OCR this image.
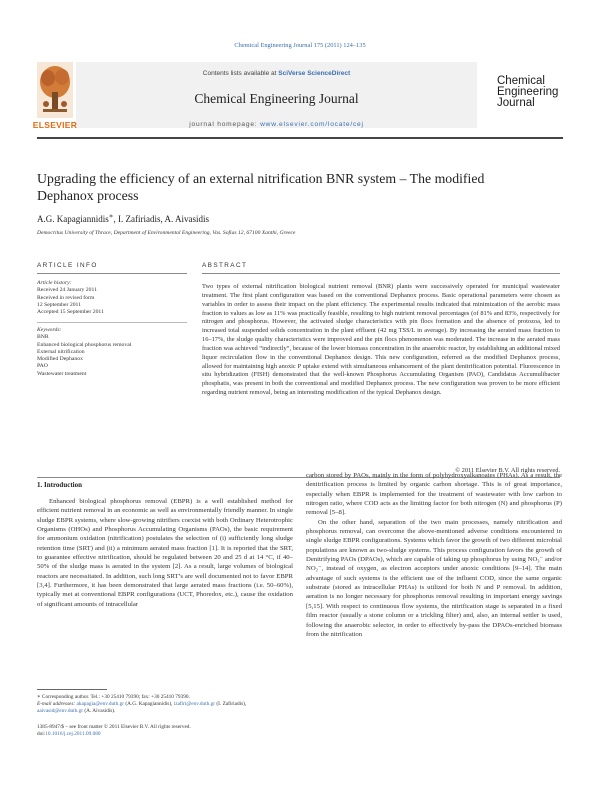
Chemical Engineering Journal 175 (2011) 124–135
Contents lists available at SciVerse ScienceDirect
Chemical Engineering Journal
journal homepage: www.elsevier.com/locate/cej
ELSEVIER
Chemical
Engineering
Journal
Upgrading the efficiency of an external nitrification BNR system – The modified
Dephanox process
A.G. Kapagiannidis∗, I. Zafiriadis, A. Aivasidis
Democritus University of Thrace, Department of Environmental Engineering, Vas. Sofias 12, 67100 Xanthi, Greece
ARTICLE INFO	ABSTRACT
Article history:
Received 24 January 2011
Received in revised form
12 September 2011
Accepted 15 September 2011
Keywords:
BNR
Enhanced biological phosphorus removal
External nitrification
Modified Dephanox
PAO
Wastewater treatment
Two types of external nitrification biological nutrient removal (BNR) plants were successively operated for municipal wastewater treatment. The first plant configuration was based on the conventional Dephanox process. Basic operational parameters were chosen as variables in order to assess their impact on the plant efficiency. The experimental results indicated that minimization of the aerobic mass fraction to values as low as 11% was practically feasible, resulting to high nutrient removal percentages (of 81% and 83%, respectively for nitrogen and phosphorus. However, the activated sludge characteristics with pin flocs formation and the absence of protozoa, led to increased total suspended solids concentration in the plant effluent (42 mg TSS/L in average). By increasing the aerated mass fraction to 16–17%, the sludge quality characteristics were improved and the pin flocs phenomenon was moderated. The increase in the aerated mass fraction was achieved “indirectly”, because of the lower biomass concentration in the anaerobic reactor, by establishing an additional mixed liquor recirculation flow in the conventional Dephanox design. This new configuration, referred as the modified Dephanox process, allowed for maintaining high anoxic P uptake extend with simultaneous enhancement of the plant denitrification potential. Fluorescence in situ hybridization (FISH) demonstrated that the well-known Phosphorus Accumulating Organism (PAO), Candidatus Accumulibacter phosphatis, was present in both the conventional and modified Dephanox process. The new configuration was proven to be more efficient regarding nutrient removal, being an interesting modification of the typical Dephanox design.
© 2011 Elsevier B.V. All rights reserved.
1. Introduction

Enhanced biological phosphorus removal (EBPR) is a well established method for efficient nutrient removal in an economic as well as environmentally friendly manner. In single sludge EBPR systems, where slow-growing nitrifiers coexist with both Ordinary Heterotrophic Organisms (OHOs) and Phosphorus Accumulating Organisms (PAOs), the basic requirement for ammonium oxidation (nitrification) postulates the selection of (i) sufficiently long sludge retention time (SRT) and (ii) a minimum aerated mass fraction [1]. It is reported that the SRT, to guarantee effective nitrification, should be regulated between 20 and 25 d at 14 °C, if 40–50% of the sludge mass is aerated in the system [2]. As a result, large volumes of biological reactors are necessitated. In addition, such long SRT’s are well documented not to favor EBPR [3,4]. Furthermore, it has been demonstrated that large aerated mass fractions (i.e. 50–60%), typically met at conventional EBPR configurations (UCT, Phoredox, etc.), cause the oxidation of significant amounts of intracellular

carbon stored by PAOs, mainly in the form of polyhydroxyalkanoates (PHAs). As a result, the denitrification process is limited by organic carbon shortage. This is of great importance, especially when EBPR is implemented for the treatment of wastewater with low carbon to nitrogen ratio, where COD acts as the limiting factor for both nitrogen (N) and phosphorus (P) removal [5–8].

On the other hand, separation of the two main processes, namely nitrification and phosphorus removal, can overcome the above-mentioned adverse conditions encountered in single sludge EBPR configurations. Systems which favor the growth of two different microbial populations are known as two-sludge systems. This process configuration favors the growth of Denitrifying PAOs (DPAOs), which are capable of taking up phosphorus by using NO₃⁻ and/or NO₂⁻, instead of oxygen, as electron acceptors under anoxic conditions [9–14]. The main advantage of such systems is the efficient use of the influent COD, since the same organic substrate (stored as intracellular PHAs) is utilized for both N and P removal. In addition, aeration is no longer necessary for phosphorus removal resulting in important energy savings [5,15]. With respect to continuous flow systems, the nitrification stage is separated in a fixed film reactor (usually a stone column or a trickling filter) and, also, an internal settler is used, following the anaerobic selector, in order to effectively by-pass the DPAOs-enriched biomass from the nitrification

∗ Corresponding author. Tel.: +30 25410 79390; fax: +30 25410 79390.
E-mail addresses: akapagia@env.duth.gr (A.G. Kapagiannidis), izafiri@env.duth.gr (I. Zafiriadis), aaivasid@env.duth.gr (A. Aivasidis).
1385-8947/$ – see front matter © 2011 Elsevier B.V. All rights reserved.
doi:10.1016/j.cej.2011.09.080
